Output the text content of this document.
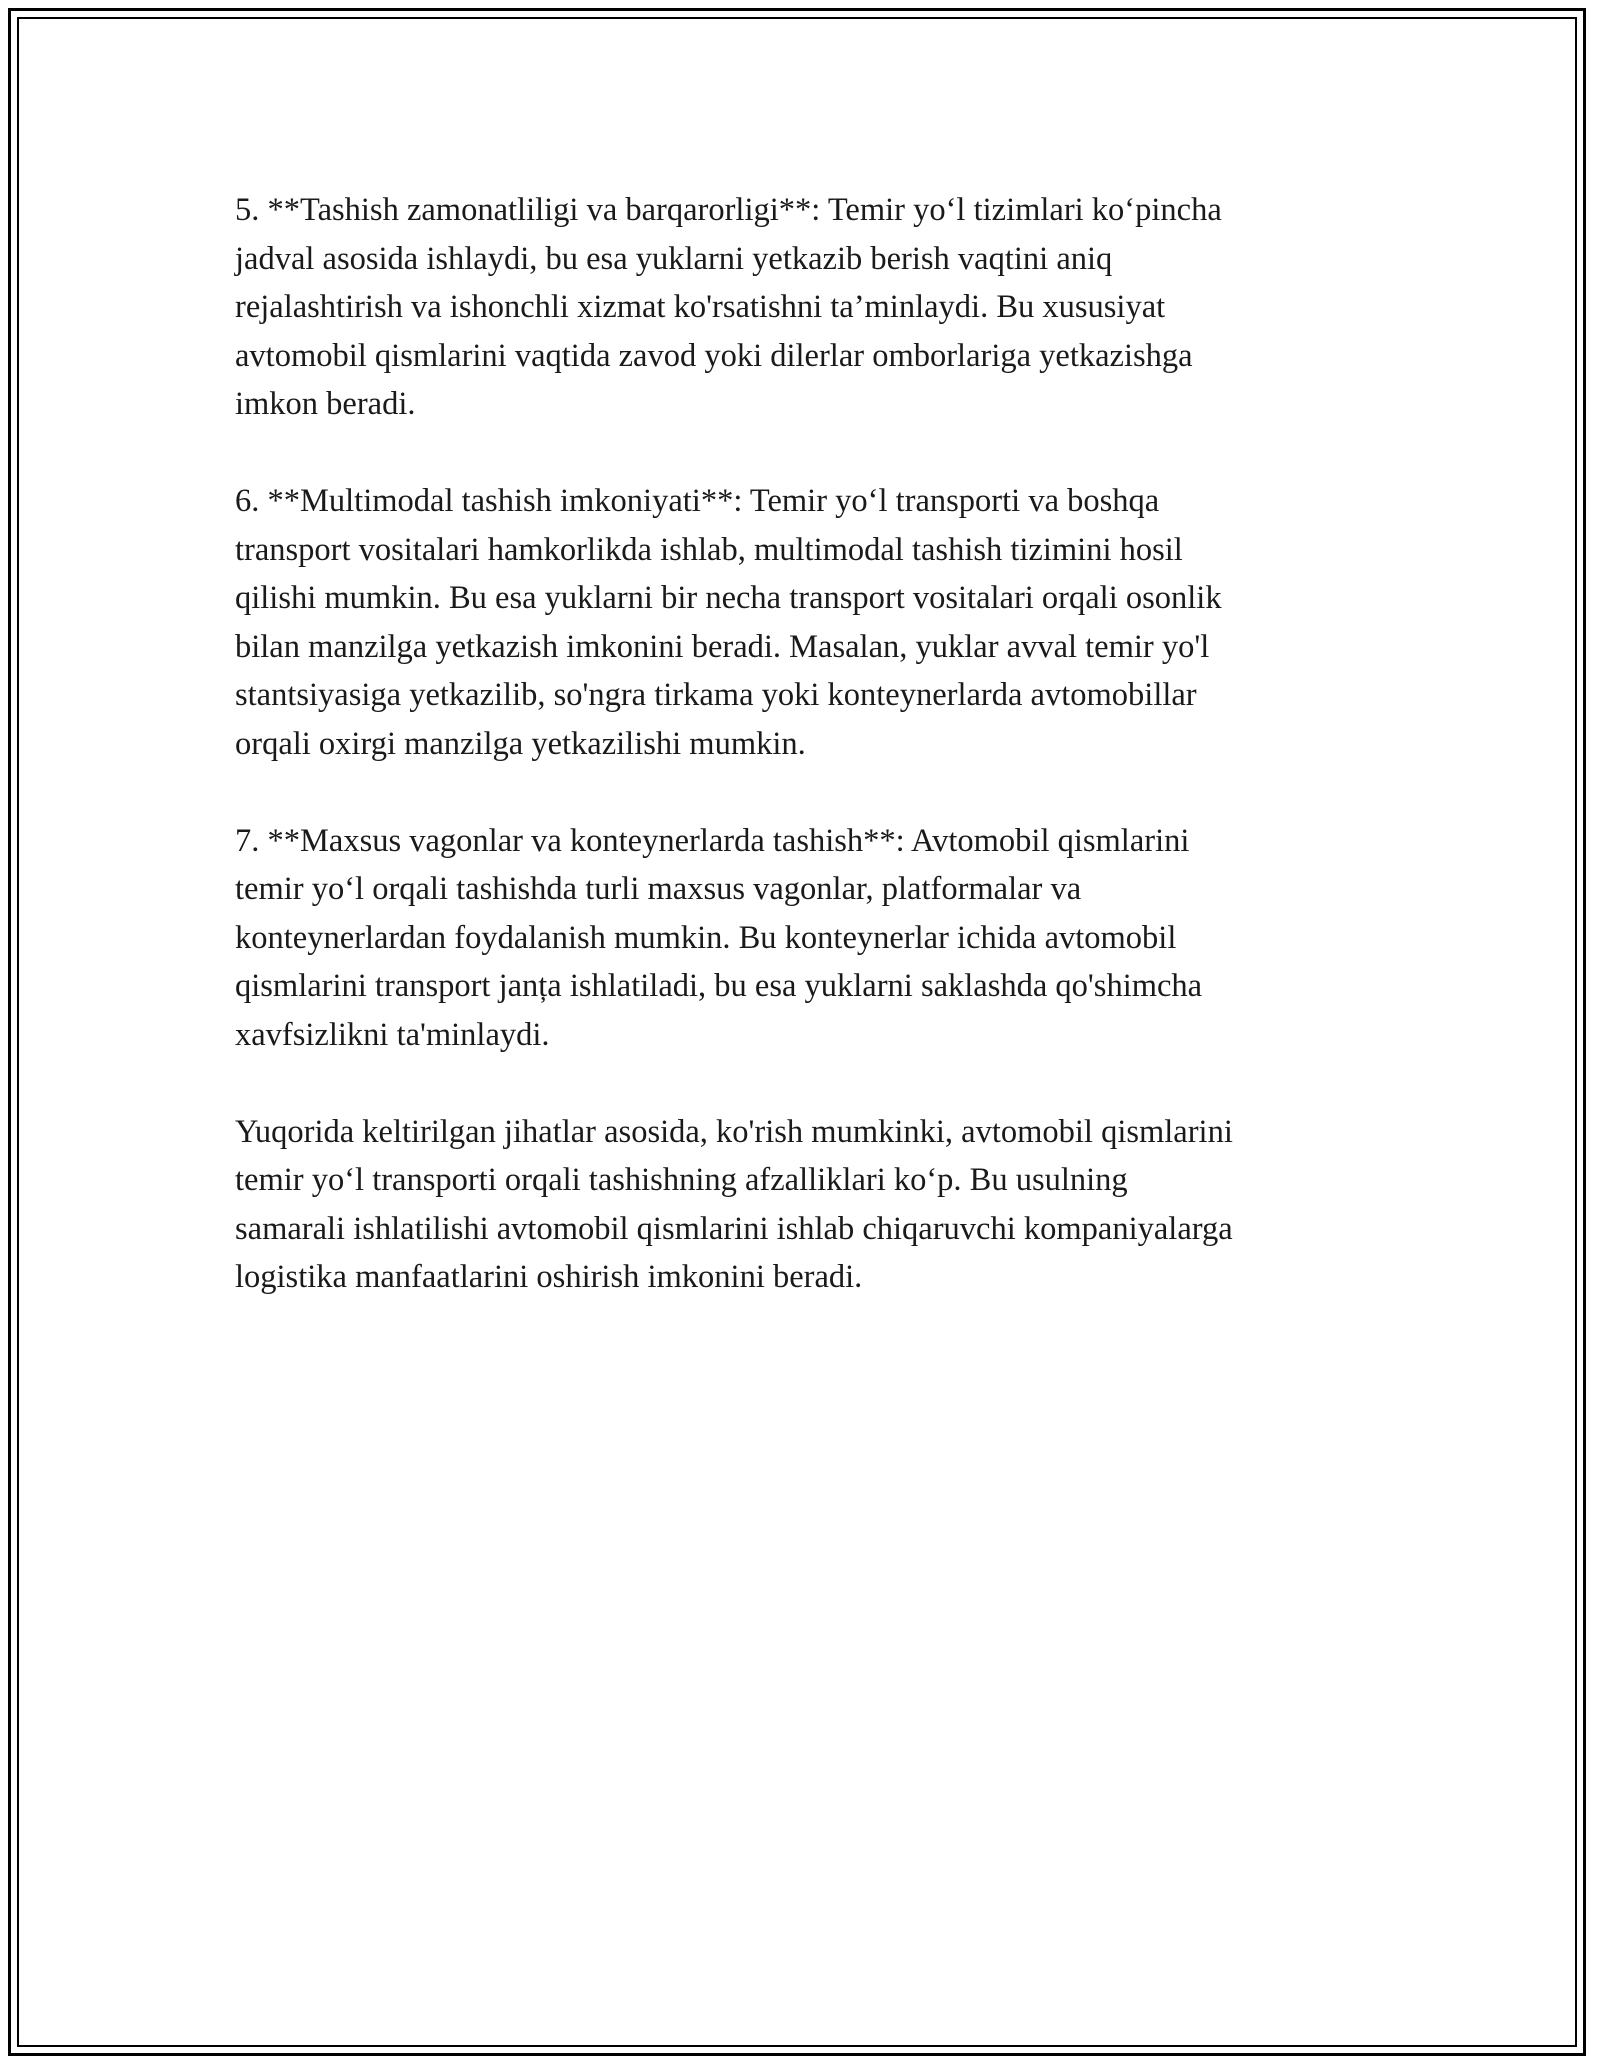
5. **Tashish zamonatliligi va barqarorligi**: Temir yo‘l tizimlari ko‘pincha
jadval asosida ishlaydi, bu esa yuklarni yetkazib berish vaqtini aniq
rejalashtirish va ishonchli xizmat ko'rsatishni ta’minlaydi. Bu xususiyat
avtomobil qismlarini vaqtida zavod yoki dilerlar omborlariga yetkazishga
imkon beradi.

6. **Multimodal tashish imkoniyati**: Temir yo‘l transporti va boshqa
transport vositalari hamkorlikda ishlab, multimodal tashish tizimini hosil
qilishi mumkin. Bu esa yuklarni bir necha transport vositalari orqali osonlik
bilan manzilga yetkazish imkonini beradi. Masalan, yuklar avval temir yo'l
stantsiyasiga yetkazilib, so'ngra tirkama yoki konteynerlarda avtomobillar
orqali oxirgi manzilga yetkazilishi mumkin.

7. **Maxsus vagonlar va konteynerlarda tashish**: Avtomobil qismlarini
temir yo‘l orqali tashishda turli maxsus vagonlar, platformalar va
konteynerlardan foydalanish mumkin. Bu konteynerlar ichida avtomobil
qismlarini transport janța ishlatiladi, bu esa yuklarni saklashda qo'shimcha
xavfsizlikni ta'minlaydi.

Yuqorida keltirilgan jihatlar asosida, ko'rish mumkinki, avtomobil qismlarini
temir yo‘l transporti orqali tashishning afzalliklari ko‘p. Bu usulning
samarali ishlatilishi avtomobil qismlarini ishlab chiqaruvchi kompaniyalarga
logistika manfaatlarini oshirish imkonini beradi.
